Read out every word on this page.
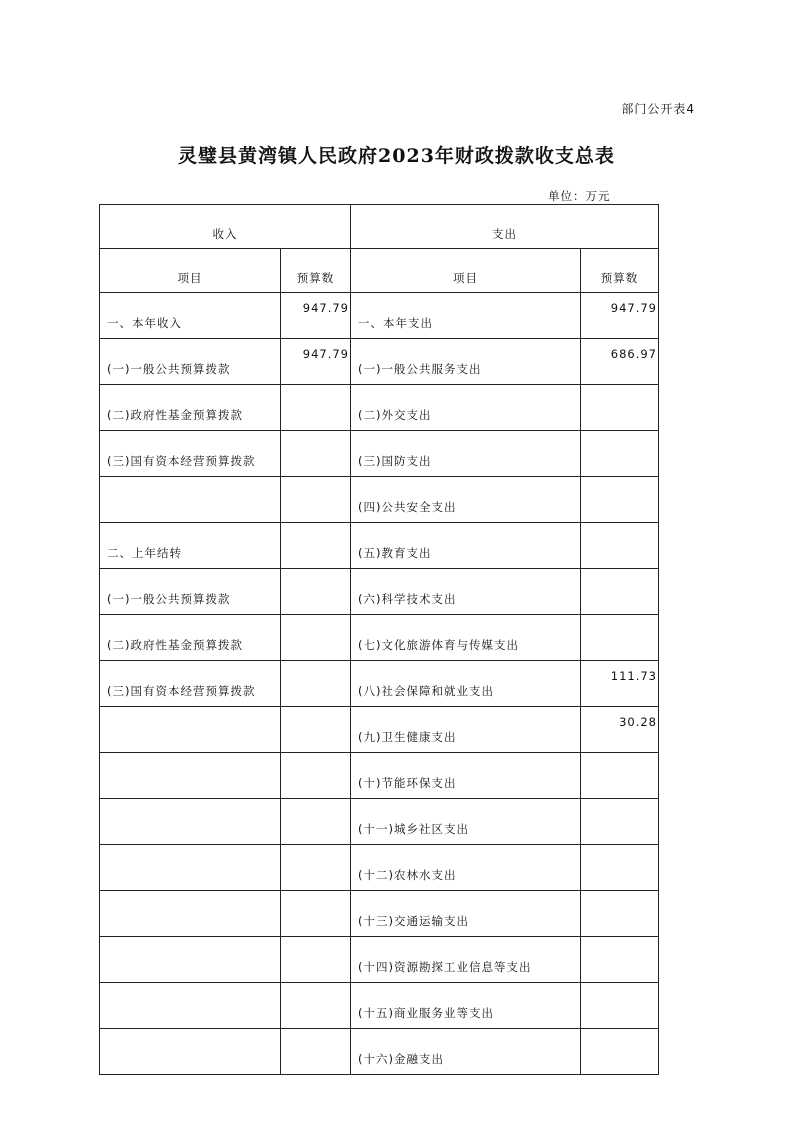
部门公开表4
灵璧县黄湾镇人民政府2023年财政拨款收支总表
单位：万元
收入		支出	
项目	预算数	项目	预算数
一、本年收入	947.79	一、本年支出	947.79
(一)一般公共预算拨款	947.79	(一)一般公共服务支出	686.97
(二)政府性基金预算拨款		(二)外交支出	
(三)国有资本经营预算拨款		(三)国防支出	
		(四)公共安全支出	
二、上年结转		(五)教育支出	
(一)一般公共预算拨款		(六)科学技术支出	
(二)政府性基金预算拨款		(七)文化旅游体育与传媒支出	
(三)国有资本经营预算拨款		(八)社会保障和就业支出	111.73
		(九)卫生健康支出	30.28
		(十)节能环保支出	
		(十一)城乡社区支出	
		(十二)农林水支出	
		(十三)交通运输支出	
		(十四)资源勘探工业信息等支出	
		(十五)商业服务业等支出	
		(十六)金融支出	
